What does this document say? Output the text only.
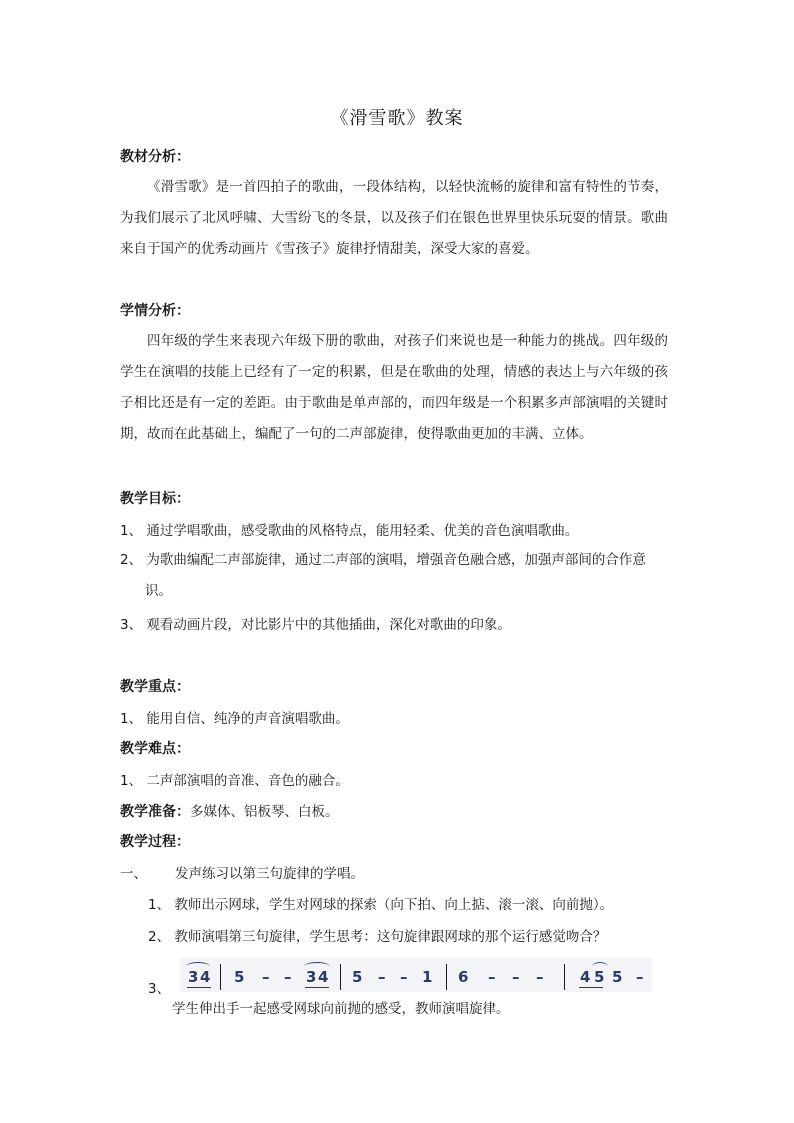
《滑雪歌》教案
教材分析：
《滑雪歌》是一首四拍子的歌曲，一段体结构，以轻快流畅的旋律和富有特性的节奏，为我们展示了北风呼啸、大雪纷飞的冬景，以及孩子们在银色世界里快乐玩耍的情景。歌曲来自于国产的优秀动画片《雪孩子》旋律抒情甜美，深受大家的喜爱。
学情分析：
四年级的学生来表现六年级下册的歌曲，对孩子们来说也是一种能力的挑战。四年级的学生在演唱的技能上已经有了一定的积累，但是在歌曲的处理，情感的表达上与六年级的孩子相比还是有一定的差距。由于歌曲是单声部的，而四年级是一个积累多声部演唱的关键时期，故而在此基础上，编配了一句的二声部旋律，使得歌曲更加的丰满、立体。
教学目标：
1、 通过学唱歌曲，感受歌曲的风格特点，能用轻柔、优美的音色演唱歌曲。
2、 为歌曲编配二声部旋律，通过二声部的演唱，增强音色融合感，加强声部间的合作意识。
3、 观看动画片段，对比影片中的其他插曲，深化对歌曲的印象。
教学重点：
1、 能用自信、纯净的声音演唱歌曲。
教学难点：
1、 二声部演唱的音准、音色的融合。
教学准备：多媒体、铝板琴、白板。
教学过程：
一、 发声练习以第三句旋律的学唱。
1、 教师出示网球，学生对网球的探索（向下拍、向上掂、滚一滚、向前抛）。
2、 教师演唱第三句旋律，学生思考：这句旋律跟网球的那个运行感觉吻合？
3、
3 4 5 – – 3 4 5 – – 1 6 – – – 4 5 5 –
学生伸出手一起感受网球向前抛的感受，教师演唱旋律。
